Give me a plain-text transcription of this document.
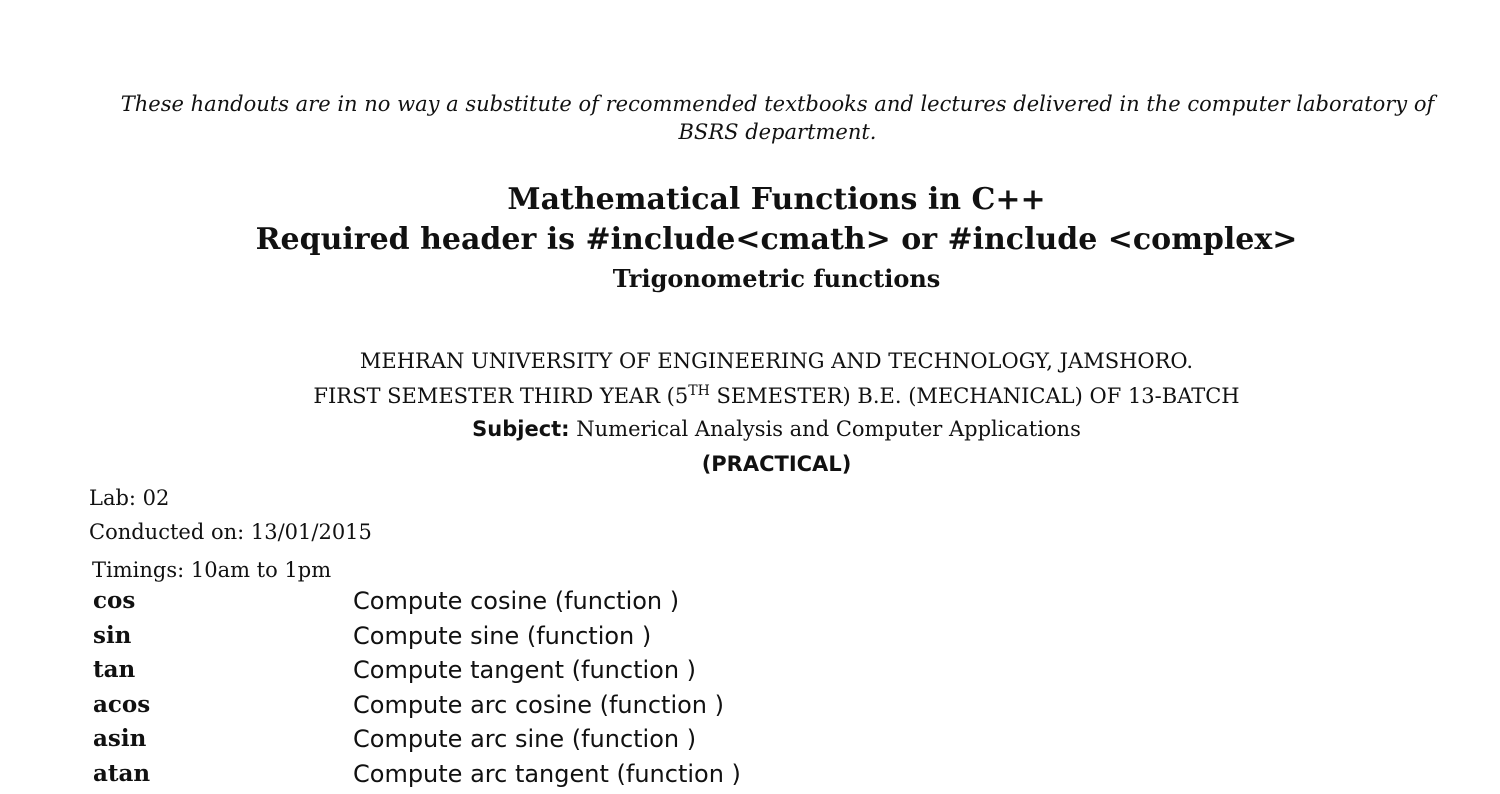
These handouts are in no way a substitute of recommended textbooks and lectures delivered in the computer laboratory of BSRS department.
Mathematical Functions in C++
Required header is #include<cmath> or #include <complex>
Trigonometric functions
MEHRAN UNIVERSITY OF ENGINEERING AND TECHNOLOGY, JAMSHORO.
FIRST SEMESTER THIRD YEAR (5TH SEMESTER) B.E. (MECHANICAL) OF 13-BATCH
Subject: Numerical Analysis and Computer Applications
(PRACTICAL)
Lab: 02
Conducted on: 13/01/2015
Timings: 10am to 1pm
cos	Compute cosine (function )
sin	Compute sine (function )
tan	Compute tangent (function )
acos	Compute arc cosine (function )
asin	Compute arc sine (function )
atan	Compute arc tangent (function )
